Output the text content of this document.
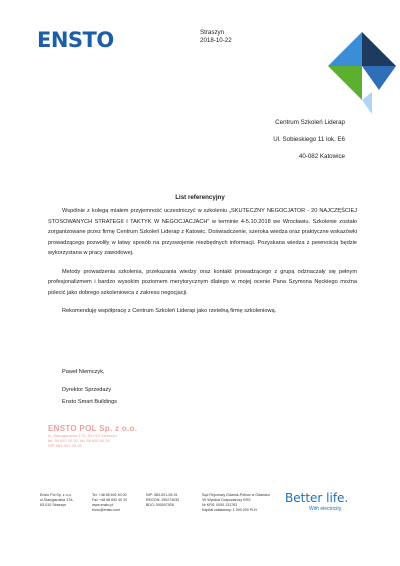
ENSTO	Straszyn
2018-10-22
Centrum Szkoleń Liderap
Ul. Sobieskiego 11 lok. E6
40-082 Katowice
List referencyjny

Wspólnie z kolegą miałem przyjemność uczestniczyć w szkoleniu „SKUTECZNY NEGOCJATOR - 20 NAJCZĘŚCIEJ STOSOWANYCH STRATEGII I TAKTYK W NEGOCJACJACH" w terminie 4-5.10.2018 we Wrocławiu. Szkolenie zostało zorganizowane przez firmę Centrum Szkoleń Liderap z Katowic. Doświadczenie, szeroka wiedza oraz praktyczne wskazówki prowadzącego pozwoliły w łatwy sposób na przyswojenie niezbędnych informacji. Pozyskana wiedza z pewnością będzie wykorzystana w pracy zawodowej.

Metody prowadzenia szkolenia, przekazania wiedzy oraz kontakt prowadzącego z grupą odznaczały się pełnym profesjonalizmem i bardzo wysokim poziomem merytorycznym dlatego w mojej ocenie Pana Szymona Nęckiego można polecić jako dobrego szkoleniowca z zakresu negocjacji.

Rekomenduję współpracę z Centrum Szkoleń Liderap jako rzetelną firmę szkoleniową.

Paweł Niemczyk,
Dyrektor Sprzedaży
Ensto Smart Buildings
ENSTO POL Sp. z o.o.
ul. Starogardzka 17A, 83-010 Straszyn
tel. 58 692 40 00, fax 58 692 40 20
NIP 583-001-05-91
Ensto Pol Sp. z o.o.
ul.Starogardzka 17A
83-010 Straszyn
Tel. +48 58 692 40 00
Fax +48 58 692 40 20
www.ensto.pl
biuro@ensto.com
NIP: 583-001-05-91
REGON: 190274030
BDO: 000007928
Sąd Rejonowy Gdańsk-Północ w Gdańsku
VII Wydział Gospodarczy KRS
Nr KRS: 0000 131763
Kapitał zakładowy: 1 000 000 PLN
Better life.
With electricity.
